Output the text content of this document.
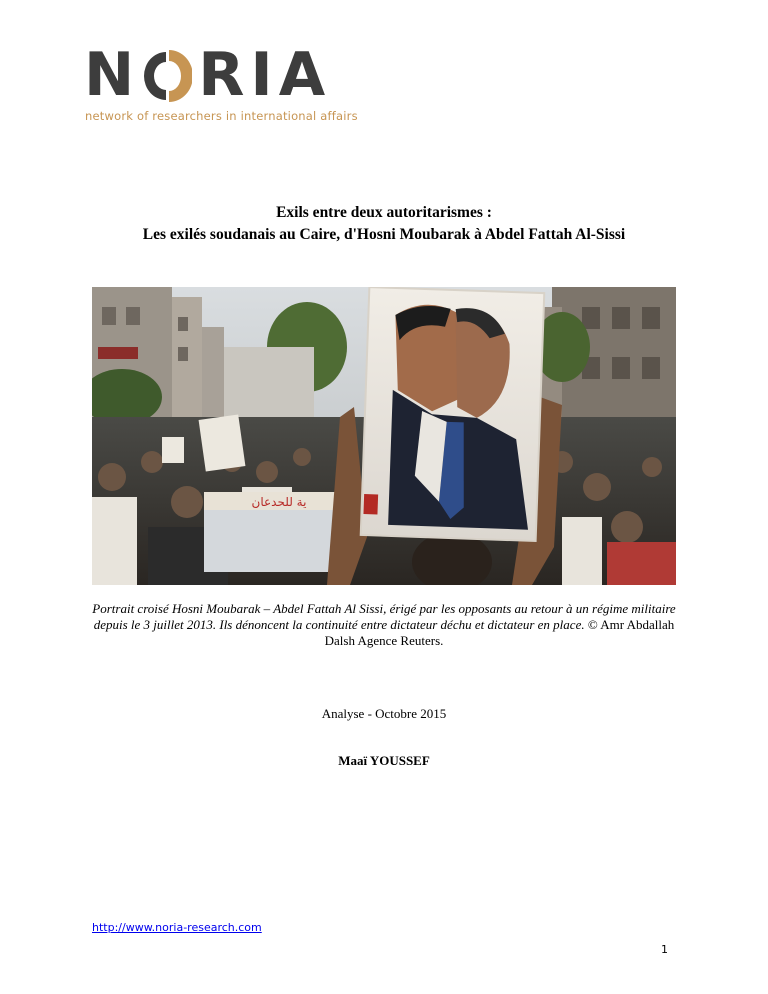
N R I A
network of researchers in international affairs
Exils entre deux autoritarismes :
Les exilés soudanais au Caire, d'Hosni Moubarak à Abdel Fattah Al-Sissi
ية للحدعان
Portrait croisé Hosni Moubarak – Abdel Fattah Al Sissi, érigé par les opposants au retour à un régime militaire depuis le 3 juillet 2013. Ils dénoncent la continuité entre dictateur déchu et dictateur en place. © Amr Abdallah Dalsh Agence Reuters.
Analyse - Octobre 2015
Maaï YOUSSEF
http://www.noria-research.com
1
